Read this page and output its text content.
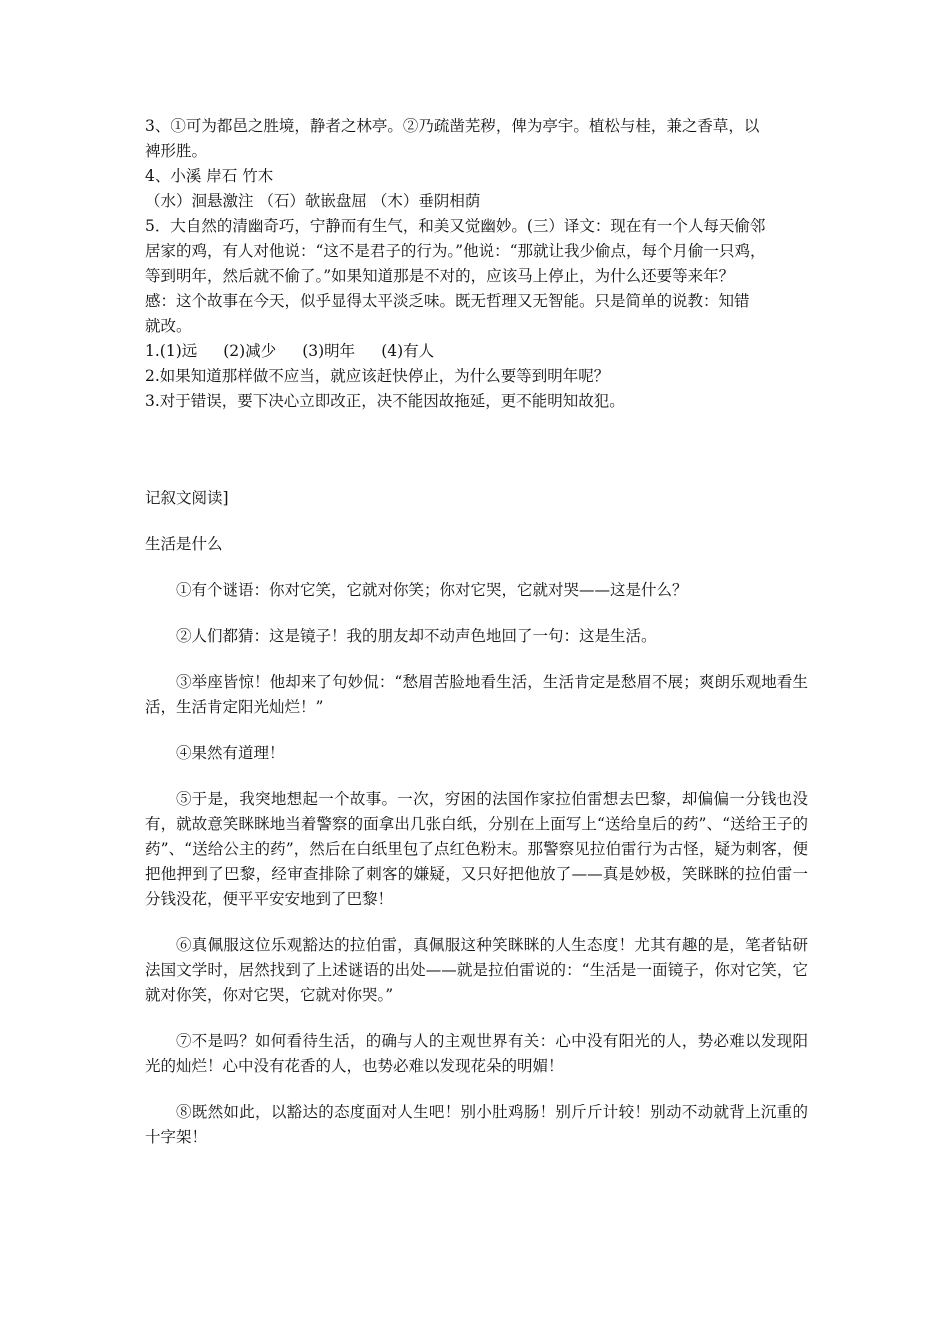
3、①可为都邑之胜境，静者之林亭。②乃疏凿芜秽，俾为亭宇。植松与桂，兼之香草，以

裨形胜。

4、小溪 岸石 竹木

（水）洄悬激注 （石）欹嵌盘屈 （木）垂阴相荫

5．大自然的清幽奇巧，宁静而有生气，和美又觉幽妙。(三）译文：现在有一个人每天偷邻

居家的鸡，有人对他说：“这不是君子的行为。”他说：“那就让我少偷点，每个月偷一只鸡，

等到明年，然后就不偷了。”如果知道那是不对的，应该马上停止，为什么还要等来年？

感：这个故事在今天，似乎显得太平淡乏味。既无哲理又无智能。只是简单的说教：知错

就改。

1.(1)远 (2)减少 (3)明年 (4)有人

2.如果知道那样做不应当，就应该赶快停止，为什么要等到明年呢？

3.对于错误，要下决心立即改正，决不能因故拖延，更不能明知故犯。

记叙文阅读]

生活是什么

①有个谜语：你对它笑，它就对你笑；你对它哭，它就对哭——这是什么？

②人们都猜：这是镜子！我的朋友却不动声色地回了一句：这是生活。

③举座皆惊！他却来了句妙侃：“愁眉苦脸地看生活，生活肯定是愁眉不展；爽朗乐观地看生活，生活肯定阳光灿烂！”

④果然有道理！

⑤于是，我突地想起一个故事。一次，穷困的法国作家拉伯雷想去巴黎，却偏偏一分钱也没有，就故意笑眯眯地当着警察的面拿出几张白纸，分别在上面写上“送给皇后的药”、“送给王子的药”、“送给公主的药”，然后在白纸里包了点红色粉末。那警察见拉伯雷行为古怪，疑为刺客，便把他押到了巴黎，经审查排除了刺客的嫌疑，又只好把他放了——真是妙极，笑眯眯的拉伯雷一分钱没花，便平平安安地到了巴黎！

⑥真佩服这位乐观豁达的拉伯雷，真佩服这种笑眯眯的人生态度！尤其有趣的是，笔者钻研法国文学时，居然找到了上述谜语的出处——就是拉伯雷说的：“生活是一面镜子，你对它笑，它就对你笑，你对它哭，它就对你哭。”

⑦不是吗？如何看待生活，的确与人的主观世界有关：心中没有阳光的人，势必难以发现阳光的灿烂！心中没有花香的人，也势必难以发现花朵的明媚！

⑧既然如此，以豁达的态度面对人生吧！别小肚鸡肠！别斤斤计较！别动不动就背上沉重的十字架！
